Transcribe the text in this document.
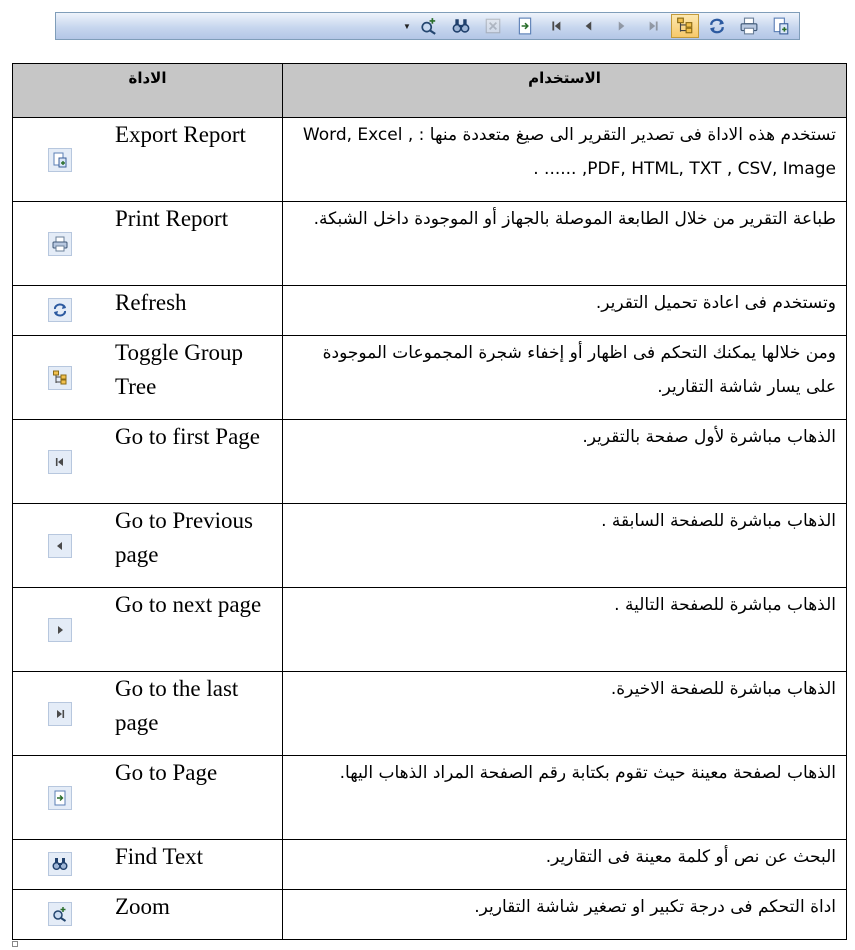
▼
الاداة	الاستخدام

Export Report	تستخدم هذه الاداة فى تصدير التقرير الى صيغ متعددة منها : Word, Excel , PDF, HTML, TXT , CSV, Image, ...... .

Print Report	طباعة التقرير من خلال الطابعة الموصلة بالجهاز أو الموجودة داخل الشبكة.

Refresh	وتستخدم فى اعادة تحميل التقرير.

Toggle Group Tree	ومن خلالها يمكنك التحكم فى اظهار أو إخفاء شجرة المجموعات الموجودة على يسار شاشة التقارير.

Go to first Page	الذهاب مباشرة لأول صفحة بالتقرير.

Go to Previous page	الذهاب مباشرة للصفحة السابقة .

Go to next page	الذهاب مباشرة للصفحة التالية .

Go to the last page	الذهاب مباشرة للصفحة الاخيرة.

Go to Page	الذهاب لصفحة معينة حيث تقوم بكتابة رقم الصفحة المراد الذهاب اليها.

Find Text	البحث عن نص أو كلمة معينة فى التقارير.

Zoom	اداة التحكم فى درجة تكبير او تصغير شاشة التقارير.
